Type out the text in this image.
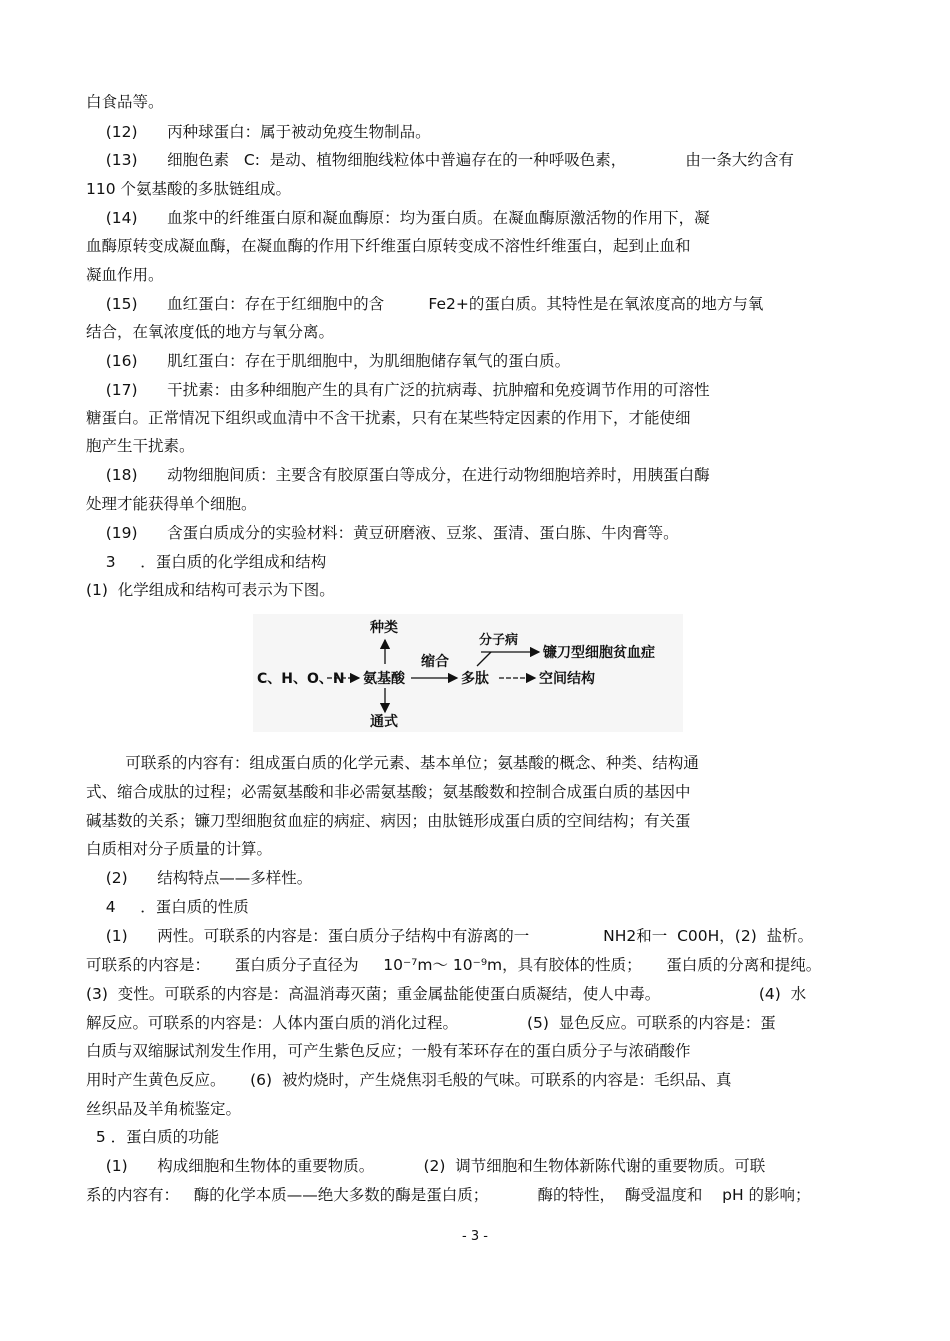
白食品等。
(12)      丙种球蛋白：属于被动免疫生物制品。
(13)      细胞色素   C:  是动、植物细胞线粒体中普遍存在的一种呼吸色素，            由一条大约含有
110 个氨基酸的多肽链组成。
(14)      血浆中的纤维蛋白原和凝血酶原：均为蛋白质。在凝血酶原激活物的作用下，凝
血酶原转变成凝血酶，在凝血酶的作用下纤维蛋白原转变成不溶性纤维蛋白，起到止血和
凝血作用。
(15)      血红蛋白：存在于红细胞中的含         Fe2+的蛋白质。其特性是在氧浓度高的地方与氧
结合，在氧浓度低的地方与氧分离。
(16)      肌红蛋白：存在于肌细胞中，为肌细胞储存氧气的蛋白质。
(17)      干扰素：由多种细胞产生的具有广泛的抗病毒、抗肿瘤和免疫调节作用的可溶性
糖蛋白。正常情况下组织或血清中不含干扰素，只有在某些特定因素的作用下，才能使细
胞产生干扰素。
(18)      动物细胞间质：主要含有胶原蛋白等成分，在进行动物细胞培养时，用胰蛋白酶
处理才能获得单个细胞。
(19)      含蛋白质成分的实验材料：黄豆研磨液、豆浆、蛋清、蛋白胨、牛肉膏等。
3     ．蛋白质的化学组成和结构
(1)  化学组成和结构可表示为下图。
C、H、O、N 氨基酸
种类
通式
缩合
多肽
分子病
镰刀型细胞贫血症
空间结构
可联系的内容有：组成蛋白质的化学元素、基本单位；氨基酸的概念、种类、结构通
式、缩合成肽的过程；必需氨基酸和非必需氨基酸；氨基酸数和控制合成蛋白质的基因中
碱基数的关系；镰刀型细胞贫血症的病症、病因；由肽链形成蛋白质的空间结构；有关蛋
白质相对分子质量的计算。
(2)      结构特点——多样性。
4     ．蛋白质的性质
(1)      两性。可联系的内容是：蛋白质分子结构中有游离的一               NH2和一  C00H，(2)  盐析。
可联系的内容是：     蛋白质分子直径为     10⁻⁷m～ 10⁻⁹m，具有胶体的性质；     蛋白质的分离和提纯。
(3)  变性。可联系的内容是：高温消毒灭菌；重金属盐能使蛋白质凝结，使人中毒。                    (4)  水
解反应。可联系的内容是：人体内蛋白质的消化过程。              (5)  显色反应。可联系的内容是：蛋
白质与双缩脲试剂发生作用，可产生紫色反应；一般有苯环存在的蛋白质分子与浓硝酸作
用时产生黄色反应。     (6)  被灼烧时，产生烧焦羽毛般的气味。可联系的内容是：毛织品、真
丝织品及羊角梳鉴定。
5 ．蛋白质的功能
(1)      构成细胞和生物体的重要物质。          (2)  调节细胞和生物体新陈代谢的重要物质。可联
系的内容有：   酶的化学本质——绝大多数的酶是蛋白质；          酶的特性，  酶受温度和    pH 的影响；
- 3 -
